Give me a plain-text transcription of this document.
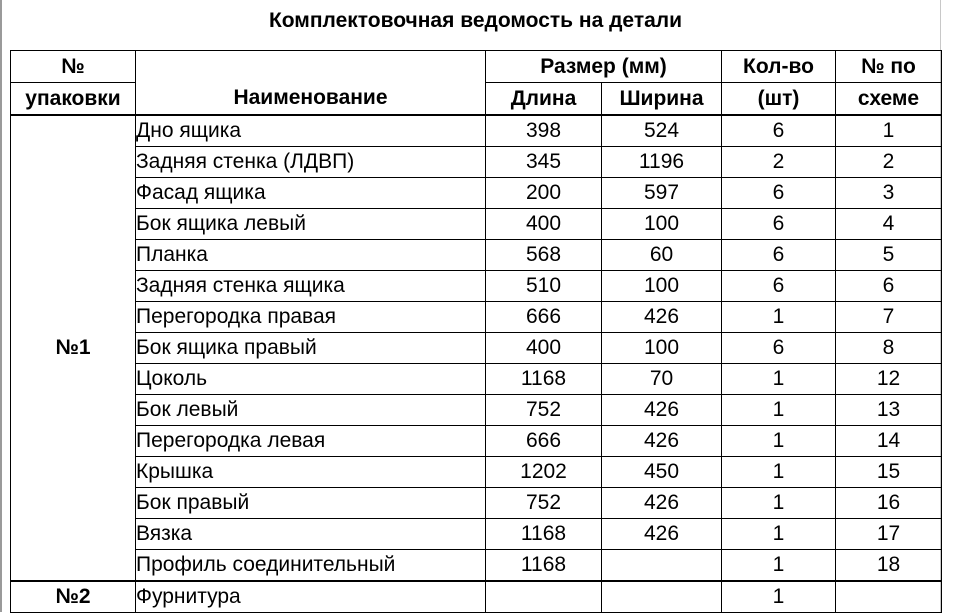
Комплектовочная ведомость на детали
№	Наименование	Размер (мм)		Кол-во	№ по
упаковки		Длина	Ширина	(шт)	схеме
№1	Дно ящика	398	524	6	1
	Задняя стенка (ЛДВП)	345	1196	2	2
	Фасад ящика	200	597	6	3
	Бок ящика левый	400	100	6	4
	Планка	568	60	6	5
	Задняя стенка ящика	510	100	6	6
	Перегородка правая	666	426	1	7
	Бок ящика правый	400	100	6	8
	Цоколь	1168	70	1	12
	Бок левый	752	426	1	13
	Перегородка левая	666	426	1	14
	Крышка	1202	450	1	15
	Бок правый	752	426	1	16
	Вязка	1168	426	1	17
	Профиль соединительный	1168		1	18
№2	Фурнитура			1	
